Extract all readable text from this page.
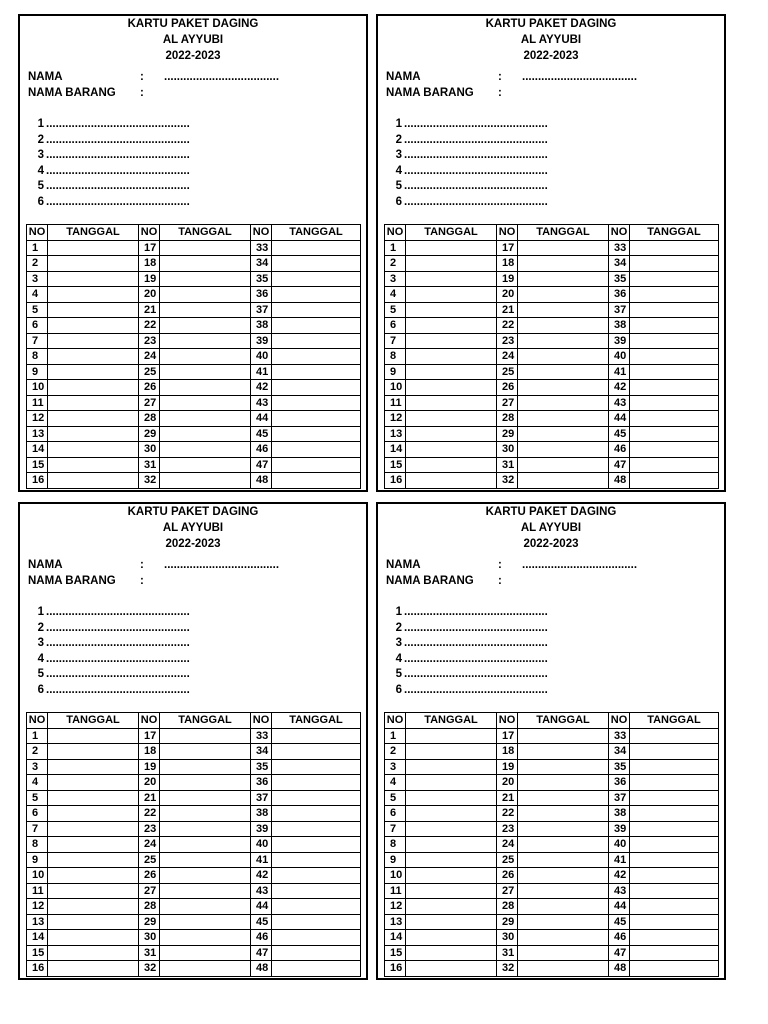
KARTU PAKET DAGING
AL AYYUBI
2022-2023
NAMA	: ....................................
NAMA BARANG :
1 .............................................
2 .............................................
3 .............................................
4 .............................................
5 .............................................
6 .............................................
NO	TANGGAL	NO	TANGGAL	NO	TANGGAL
1		17		33	
2		18		34	
3		19		35	
4		20		36	
5		21		37	
6		22		38	
7		23		39	
8		24		40	
9		25		41	
10		26		42	
11		27		43	
12		28		44	
13		29		45	
14		30		46	
15		31		47	
16		32		48	
KARTU PAKET DAGING
AL AYYUBI
2022-2023
NAMA	: ....................................
NAMA BARANG :
1 .............................................
2 .............................................
3 .............................................
4 .............................................
5 .............................................
6 .............................................
NO	TANGGAL	NO	TANGGAL	NO	TANGGAL
1		17		33	
2		18		34	
3		19		35	
4		20		36	
5		21		37	
6		22		38	
7		23		39	
8		24		40	
9		25		41	
10		26		42	
11		27		43	
12		28		44	
13		29		45	
14		30		46	
15		31		47	
16		32		48	
KARTU PAKET DAGING
AL AYYUBI
2022-2023
NAMA	: ....................................
NAMA BARANG :
1 .............................................
2 .............................................
3 .............................................
4 .............................................
5 .............................................
6 .............................................
NO	TANGGAL	NO	TANGGAL	NO	TANGGAL
1		17		33	
2		18		34	
3		19		35	
4		20		36	
5		21		37	
6		22		38	
7		23		39	
8		24		40	
9		25		41	
10		26		42	
11		27		43	
12		28		44	
13		29		45	
14		30		46	
15		31		47	
16		32		48	
KARTU PAKET DAGING
AL AYYUBI
2022-2023
NAMA	: ....................................
NAMA BARANG :
1 .............................................
2 .............................................
3 .............................................
4 .............................................
5 .............................................
6 .............................................
NO	TANGGAL	NO	TANGGAL	NO	TANGGAL
1		17		33	
2		18		34	
3		19		35	
4		20		36	
5		21		37	
6		22		38	
7		23		39	
8		24		40	
9		25		41	
10		26		42	
11		27		43	
12		28		44	
13		29		45	
14		30		46	
15		31		47	
16		32		48	
